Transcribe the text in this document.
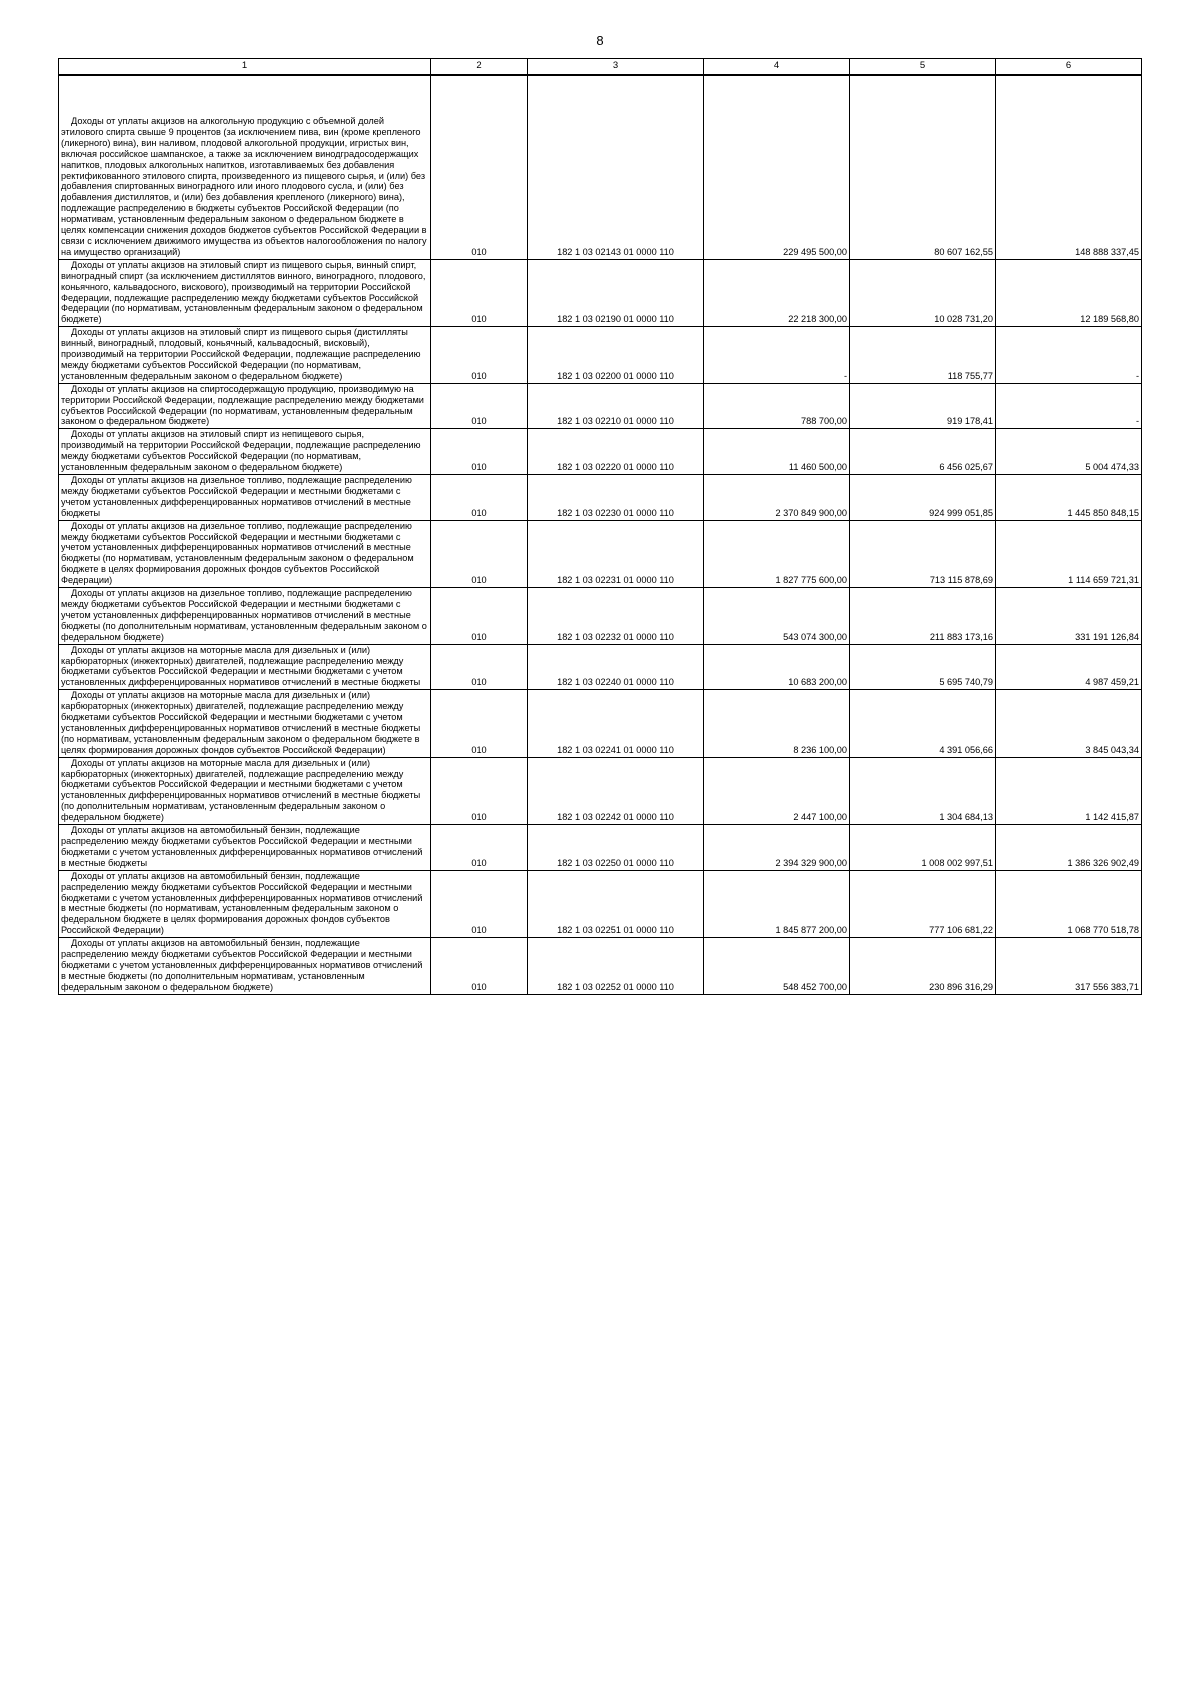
8
1	2	3	4	5	6
Доходы от уплаты акцизов на алкогольную продукцию с объемной долей этилового спирта свыше 9 процентов (за исключением пива, вин (кроме крепленого (ликерного) вина), вин наливом, плодовой алкогольной продукции, игристых вин, включая российское шампанское, а также за исключением винодградосодержащих напитков, плодовых алкогольных напитков, изготавливаемых без добавления ректификованного этилового спирта, произведенного из пищевого сырья, и (или) без добавления спиртованных виноградного или иного плодового сусла, и (или) без добавления дистиллятов, и (или) без добавления крепленого (ликерного) вина), подлежащие распределению в бюджеты субъектов Российской Федерации (по нормативам, установленным федеральным законом о федеральном бюджете в целях компенсации снижения доходов бюджетов субъектов Российской Федерации в связи с исключением движимого имущества из объектов налогообложения по налогу на имущество организаций)	010	182 1 03 02143 01 0000 110	229 495 500,00	80 607 162,55	148 888 337,45
Доходы от уплаты акцизов на этиловый спирт из пищевого сырья, винный спирт, виноградный спирт (за исключением дистиллятов винного, виноградного, плодового, коньячного, кальвадосного, вискового), производимый на территории Российской Федерации, подлежащие распределению между бюджетами субъектов Российской Федерации (по нормативам, установленным федеральным законом о федеральном бюджете)	010	182 1 03 02190 01 0000 110	22 218 300,00	10 028 731,20	12 189 568,80
Доходы от уплаты акцизов на этиловый спирт из пищевого сырья (дистилляты винный, виноградный, плодовый, коньячный, кальвадосный, висковый), производимый на территории Российской Федерации, подлежащие распределению между бюджетами субъектов Российской Федерации (по нормативам, установленным федеральным законом о федеральном бюджете)	010	182 1 03 02200 01 0000 110	-	118 755,77	-
Доходы от уплаты акцизов на спиртосодержащую продукцию, производимую на территории Российской Федерации, подлежащие распределению между бюджетами субъектов Российской Федерации (по нормативам, установленным федеральным законом о федеральном бюджете)	010	182 1 03 02210 01 0000 110	788 700,00	919 178,41	-
Доходы от уплаты акцизов на этиловый спирт из непищевого сырья, производимый на территории Российской Федерации, подлежащие распределению между бюджетами субъектов Российской Федерации (по нормативам, установленным федеральным законом о федеральном бюджете)	010	182 1 03 02220 01 0000 110	11 460 500,00	6 456 025,67	5 004 474,33
Доходы от уплаты акцизов на дизельное топливо, подлежащие распределению между бюджетами субъектов Российской Федерации и местными бюджетами с учетом установленных дифференцированных нормативов отчислений в местные бюджеты	010	182 1 03 02230 01 0000 110	2 370 849 900,00	924 999 051,85	1 445 850 848,15
Доходы от уплаты акцизов на дизельное топливо, подлежащие распределению между бюджетами субъектов Российской Федерации и местными бюджетами с учетом установленных дифференцированных нормативов отчислений в местные бюджеты (по нормативам, установленным федеральным законом о федеральном бюджете в целях формирования дорожных фондов субъектов Российской Федерации)	010	182 1 03 02231 01 0000 110	1 827 775 600,00	713 115 878,69	1 114 659 721,31
Доходы от уплаты акцизов на дизельное топливо, подлежащие распределению между бюджетами субъектов Российской Федерации и местными бюджетами с учетом установленных дифференцированных нормативов отчислений в местные бюджеты (по дополнительным нормативам, установленным федеральным законом о федеральном бюджете)	010	182 1 03 02232 01 0000 110	543 074 300,00	211 883 173,16	331 191 126,84
Доходы от уплаты акцизов на моторные масла для дизельных и (или) карбюраторных (инжекторных) двигателей, подлежащие распределению между бюджетами субъектов Российской Федерации и местными бюджетами с учетом установленных дифференцированных нормативов отчислений в местные бюджеты	010	182 1 03 02240 01 0000 110	10 683 200,00	5 695 740,79	4 987 459,21
Доходы от уплаты акцизов на моторные масла для дизельных и (или) карбюраторных (инжекторных) двигателей, подлежащие распределению между бюджетами субъектов Российской Федерации и местными бюджетами с учетом установленных дифференцированных нормативов отчислений в местные бюджеты (по нормативам, установленным федеральным законом о федеральном бюджете в целях формирования дорожных фондов субъектов Российской Федерации)	010	182 1 03 02241 01 0000 110	8 236 100,00	4 391 056,66	3 845 043,34
Доходы от уплаты акцизов на моторные масла для дизельных и (или) карбюраторных (инжекторных) двигателей, подлежащие распределению между бюджетами субъектов Российской Федерации и местными бюджетами с учетом установленных дифференцированных нормативов отчислений в местные бюджеты (по дополнительным нормативам, установленным федеральным законом о федеральном бюджете)	010	182 1 03 02242 01 0000 110	2 447 100,00	1 304 684,13	1 142 415,87
Доходы от уплаты акцизов на автомобильный бензин, подлежащие распределению между бюджетами субъектов Российской Федерации и местными бюджетами с учетом установленных дифференцированных нормативов отчислений в местные бюджеты	010	182 1 03 02250 01 0000 110	2 394 329 900,00	1 008 002 997,51	1 386 326 902,49
Доходы от уплаты акцизов на автомобильный бензин, подлежащие распределению между бюджетами субъектов Российской Федерации и местными бюджетами с учетом установленных дифференцированных нормативов отчислений в местные бюджеты (по нормативам, установленным федеральным законом о федеральном бюджете в целях формирования дорожных фондов субъектов Российской Федерации)	010	182 1 03 02251 01 0000 110	1 845 877 200,00	777 106 681,22	1 068 770 518,78
Доходы от уплаты акцизов на автомобильный бензин, подлежащие распределению между бюджетами субъектов Российской Федерации и местными бюджетами с учетом установленных дифференцированных нормативов отчислений в местные бюджеты (по дополнительным нормативам, установленным федеральным законом о федеральном бюджете)	010	182 1 03 02252 01 0000 110	548 452 700,00	230 896 316,29	317 556 383,71
